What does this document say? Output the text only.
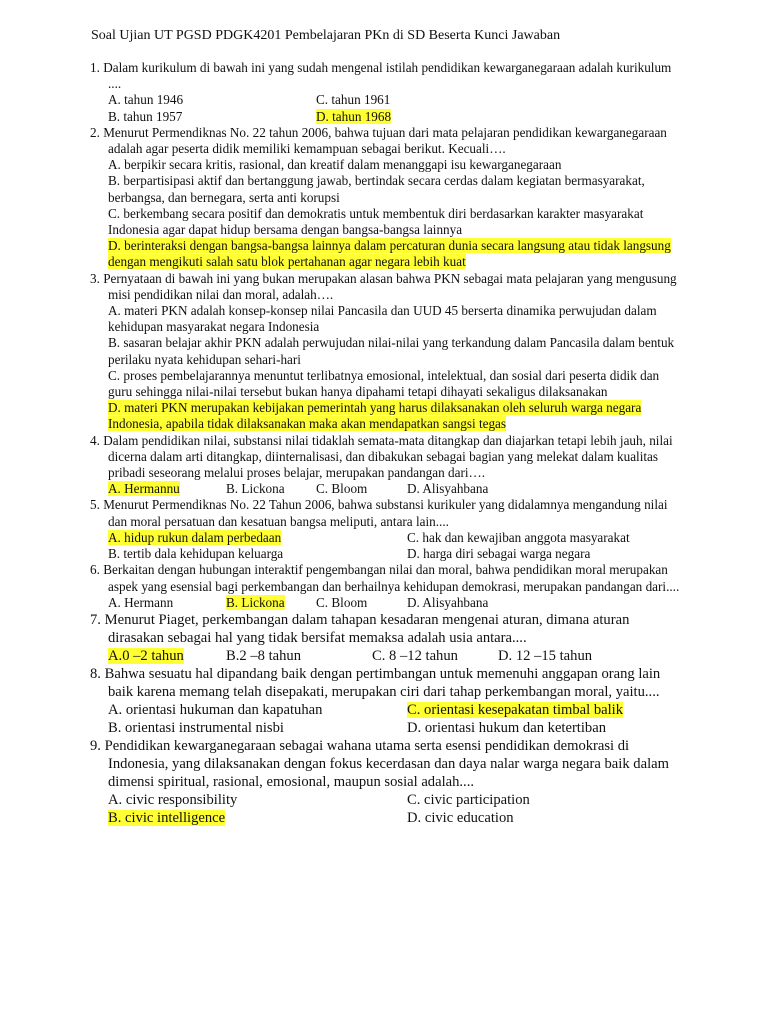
Soal Ujian UT PGSD PDGK4201 Pembelajaran PKn di SD Beserta Kunci Jawaban
1. Dalam kurikulum di bawah ini yang sudah mengenal istilah pendidikan kewarganegaraan adalah kurikulum ....
A. tahun 1946	C. tahun 1961
B. tahun 1957	D. tahun 1968
2. Menurut Permendiknas No. 22 tahun 2006, bahwa tujuan dari mata pelajaran pendidikan kewarganegaraan adalah agar peserta didik memiliki kemampuan sebagai berikut. Kecuali….
A. berpikir secara kritis, rasional, dan kreatif dalam menanggapi isu kewarganegaraan
B. berpartisipasi aktif dan bertanggung jawab, bertindak secara cerdas dalam kegiatan bermasyarakat, berbangsa, dan bernegara, serta anti korupsi
C. berkembang secara positif dan demokratis untuk membentuk diri berdasarkan karakter masyarakat Indonesia agar dapat hidup bersama dengan bangsa-bangsa lainnya
D. berinteraksi dengan bangsa-bangsa lainnya dalam percaturan dunia secara langsung atau tidak langsung dengan mengikuti salah satu blok pertahanan agar negara lebih kuat
3. Pernyataan di bawah ini yang bukan merupakan alasan bahwa PKN sebagai mata pelajaran yang mengusung misi pendidikan nilai dan moral, adalah….
A. materi PKN adalah konsep-konsep nilai Pancasila dan UUD 45 berserta dinamika perwujudan dalam kehidupan masyarakat negara Indonesia
B. sasaran belajar akhir PKN adalah perwujudan nilai-nilai yang terkandung dalam Pancasila dalam bentuk perilaku nyata kehidupan sehari-hari
C. proses pembelajarannya menuntut terlibatnya emosional, intelektual, dan sosial dari peserta didik dan guru sehingga nilai-nilai tersebut bukan hanya dipahami tetapi dihayati sekaligus dilaksanakan
D. materi PKN merupakan kebijakan pemerintah yang harus dilaksanakan oleh seluruh warga negara Indonesia, apabila tidak dilaksanakan maka akan mendapatkan sangsi tegas
4. Dalam pendidikan nilai, substansi nilai tidaklah semata-mata ditangkap dan diajarkan tetapi lebih jauh, nilai dicerna dalam arti ditangkap, diinternalisasi, dan dibakukan sebagai bagian yang melekat dalam kualitas pribadi seseorang melalui proses belajar, merupakan pandangan dari….
A. Hermannu	B. Lickona	C. Bloom	D. Alisyahbana
5. Menurut Permendiknas No. 22 Tahun 2006, bahwa substansi kurikuler yang didalamnya mengandung nilai dan moral persatuan dan kesatuan bangsa meliputi, antara lain....
A. hidup rukun dalam perbedaan	C. hak dan kewajiban anggota masyarakat
B. tertib dala kehidupan keluarga	D. harga diri sebagai warga negara
6. Berkaitan dengan hubungan interaktif pengembangan nilai dan moral, bahwa pendidikan moral merupakan aspek yang esensial bagi perkembangan dan berhailnya kehidupan demokrasi, merupakan pandangan dari....
A. Hermann	B. Lickona	C. Bloom	D. Alisyahbana
7. Menurut Piaget, perkembangan dalam tahapan kesadaran mengenai aturan, dimana aturan dirasakan sebagai hal yang tidak bersifat memaksa adalah usia antara....
A.0 –2 tahun	B.2 –8 tahun	C. 8 –12 tahun	D. 12 –15 tahun
8. Bahwa sesuatu hal dipandang baik dengan pertimbangan untuk memenuhi anggapan orang lain baik karena memang telah disepakati, merupakan ciri dari tahap perkembangan moral, yaitu....
A. orientasi hukuman dan kapatuhan	C. orientasi kesepakatan timbal balik
B. orientasi instrumental nisbi	D. orientasi hukum dan ketertiban
9. Pendidikan kewarganegaraan sebagai wahana utama serta esensi pendidikan demokrasi di Indonesia, yang dilaksanakan dengan fokus kecerdasan dan daya nalar warga negara baik dalam dimensi spiritual, rasional, emosional, maupun sosial adalah....
A. civic responsibility	C. civic participation
B. civic intelligence	D. civic education
